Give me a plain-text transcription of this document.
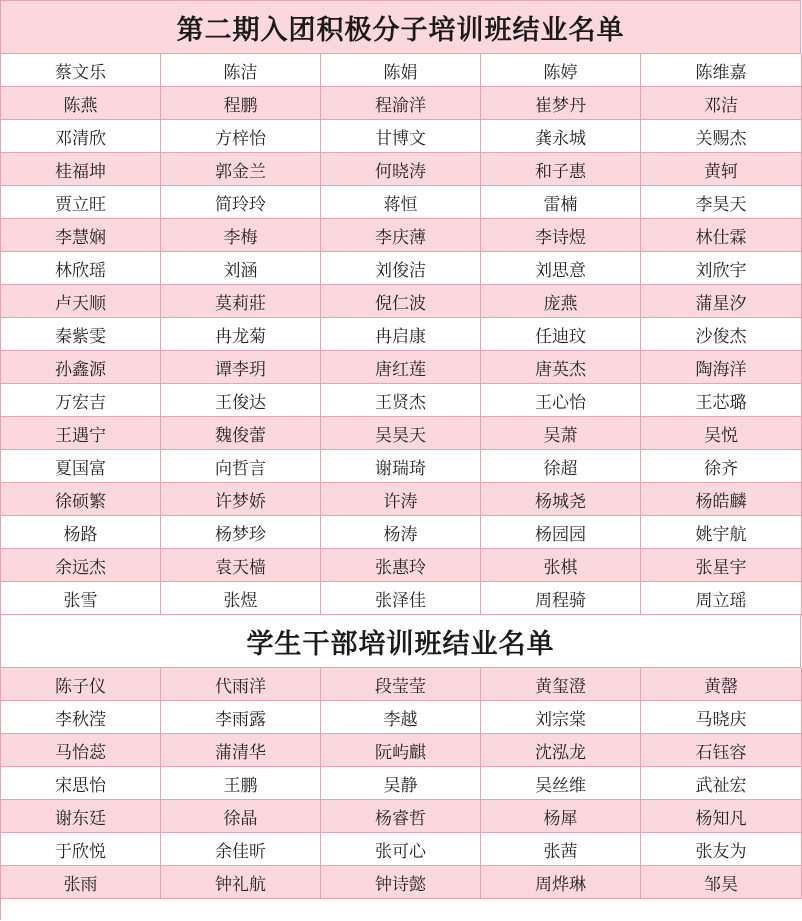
第二期入团积极分子培训班结业名单
蔡文乐	陈洁	陈娟	陈婷	陈维嘉
陈燕	程鹏	程渝洋	崔梦丹	邓洁
邓清欣	方梓怡	甘博文	龚永城	关赐杰
桂福坤	郭金兰	何晓涛	和子惠	黄轲
贾立旺	简玲玲	蒋恒	雷楠	李昊天
李慧娴	李梅	李庆薄	李诗煜	林仕霖
林欣瑶	刘涵	刘俊洁	刘思意	刘欣宇
卢天顺	莫莉莊	倪仁波	庞燕	蒲星汐
秦紫雯	冉龙菊	冉启康	任迪玟	沙俊杰
孙鑫源	谭李玥	唐红莲	唐英杰	陶海洋
万宏吉	王俊达	王贤杰	王心怡	王芯璐
王遇宁	魏俊蕾	吴昊天	吴萧	吴悦
夏国富	向哲言	谢瑞琦	徐超	徐齐
徐硕繁	许梦娇	许涛	杨城尧	杨皓麟
杨路	杨梦珍	杨涛	杨园园	姚宇航
余远杰	袁天樯	张惠玲	张棋	张星宇
张雪	张煜	张泽佳	周程骑	周立瑶
学生干部培训班结业名单
陈子仪	代雨洋	段莹莹	黄玺澄	黄罄
李秋滢	李雨露	李越	刘宗棠	马晓庆
马怡蕊	蒲清华	阮屿麒	沈泓龙	石钰容
宋思怡	王鹏	吴静	吴丝维	武祉宏
谢东廷	徐晶	杨睿哲	杨犀	杨知凡
于欣悦	余佳昕	张可心	张茜	张友为
张雨	钟礼航	钟诗懿	周烨琳	邹昊
